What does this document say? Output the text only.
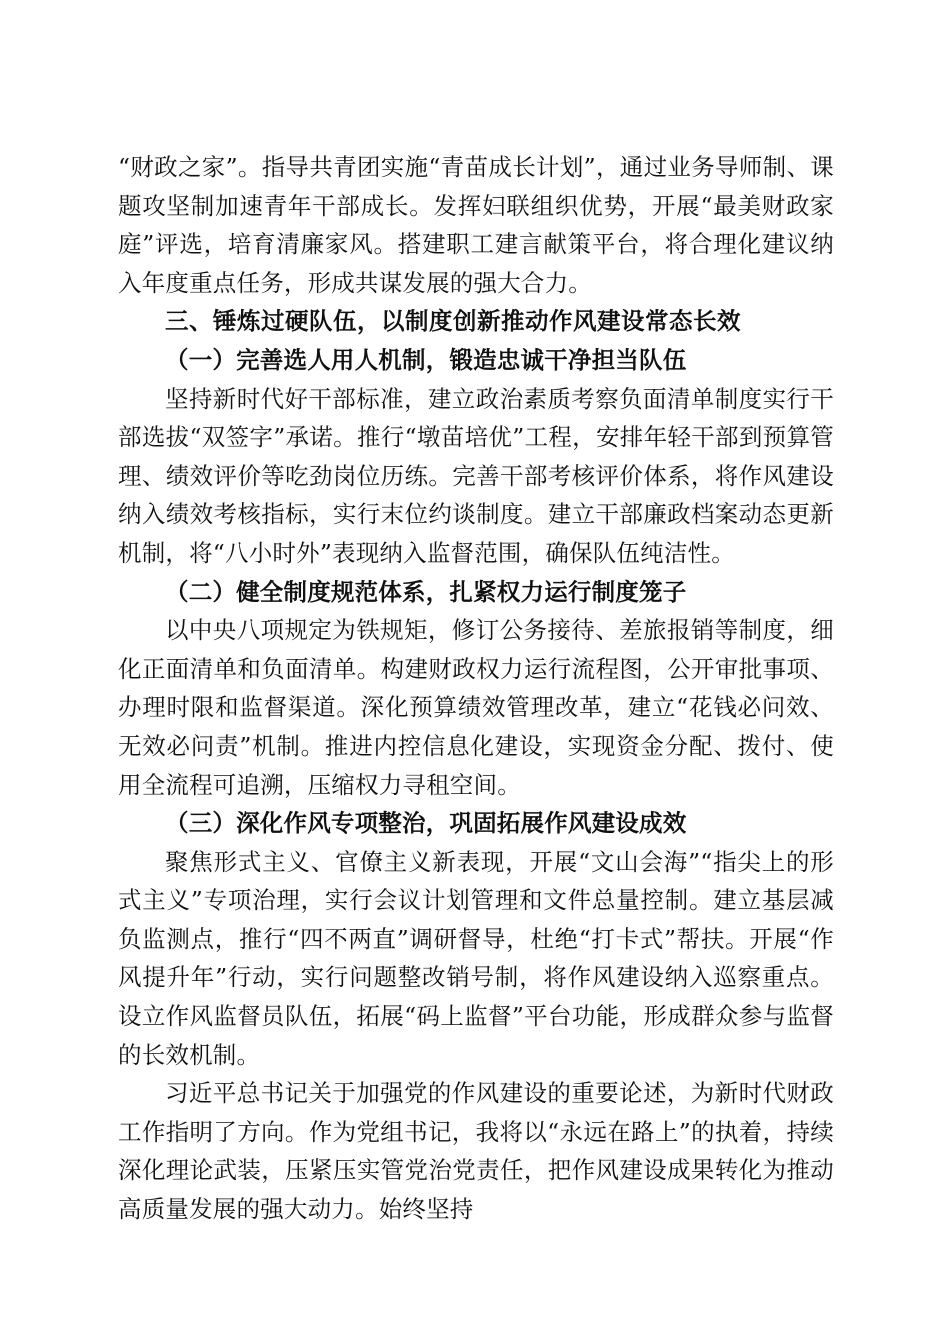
“财政之家”。指导共青团实施“青苗成长计划”，通过业务导师制、课题攻坚制加速青年干部成长。发挥妇联组织优势，开展“最美财政家庭”评选，培育清廉家风。搭建职工建言献策平台，将合理化建议纳入年度重点任务，形成共谋发展的强大合力。

三、锤炼过硬队伍，以制度创新推动作风建设常态长效

（一）完善选人用人机制，锻造忠诚干净担当队伍

坚持新时代好干部标准，建立政治素质考察负面清单制度实行干部选拔“双签字”承诺。推行“墩苗培优”工程，安排年轻干部到预算管理、绩效评价等吃劲岗位历练。完善干部考核评价体系，将作风建设纳入绩效考核指标，实行末位约谈制度。建立干部廉政档案动态更新机制，将“八小时外”表现纳入监督范围，确保队伍纯洁性。

（二）健全制度规范体系，扎紧权力运行制度笼子

以中央八项规定为铁规矩，修订公务接待、差旅报销等制度，细化正面清单和负面清单。构建财政权力运行流程图，公开审批事项、办理时限和监督渠道。深化预算绩效管理改革，建立“花钱必问效、无效必问责”机制。推进内控信息化建设，实现资金分配、拨付、使用全流程可追溯，压缩权力寻租空间。

（三）深化作风专项整治，巩固拓展作风建设成效

聚焦形式主义、官僚主义新表现，开展“文山会海”“指尖上的形式主义”专项治理，实行会议计划管理和文件总量控制。建立基层减负监测点，推行“四不两直”调研督导，杜绝“打卡式”帮扶。开展“作风提升年”行动，实行问题整改销号制，将作风建设纳入巡察重点。设立作风监督员队伍，拓展“码上监督”平台功能，形成群众参与监督的长效机制。

习近平总书记关于加强党的作风建设的重要论述，为新时代财政工作指明了方向。作为党组书记，我将以“永远在路上”的执着，持续深化理论武装，压紧压实管党治党责任，把作风建设成果转化为推动高质量发展的强大动力。始终坚持
